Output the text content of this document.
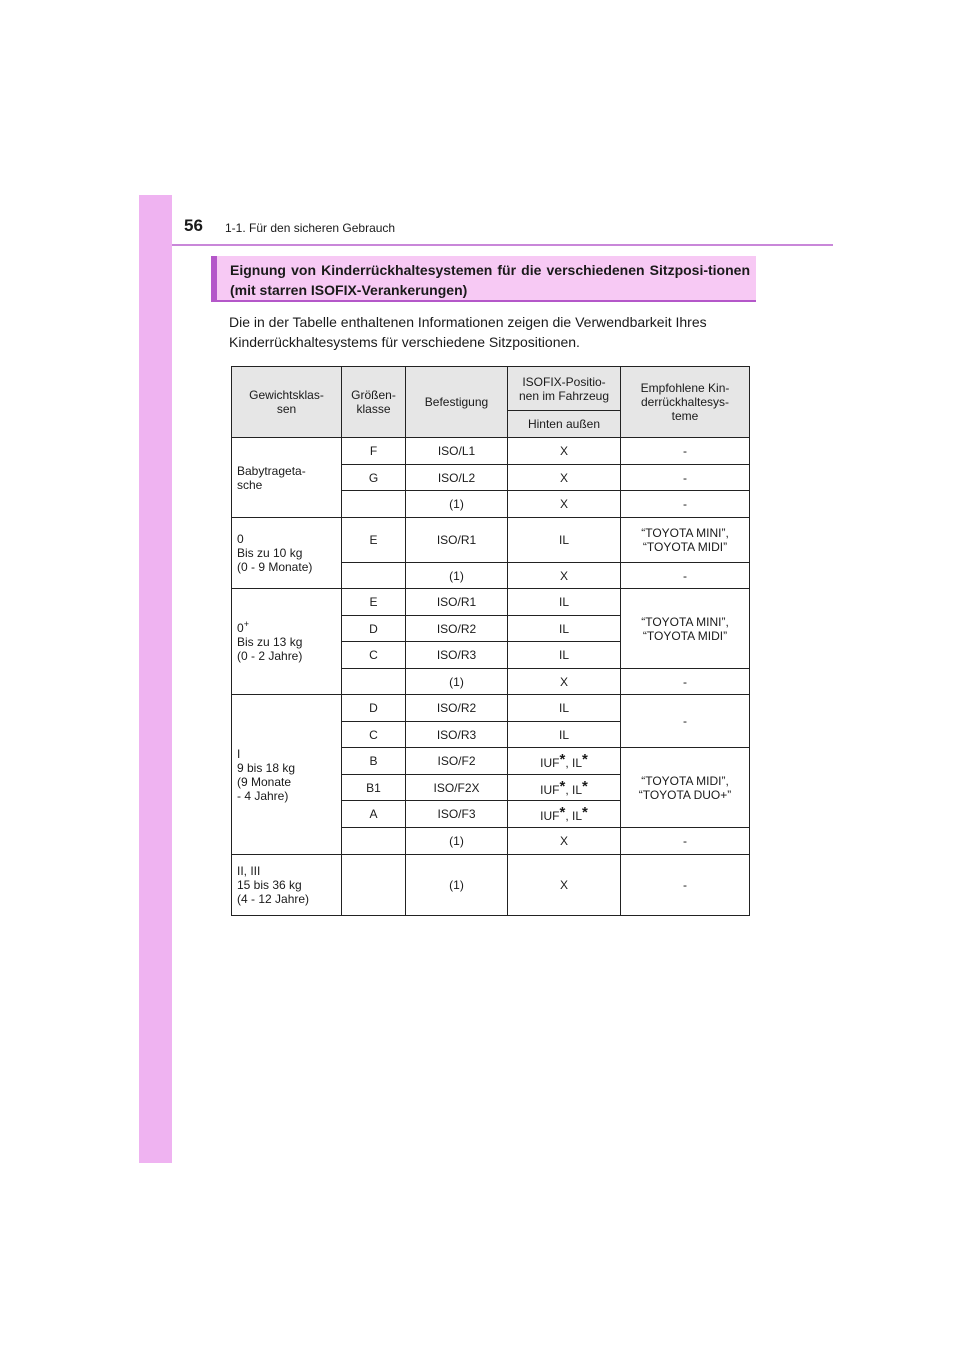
56 1-1. Für den sicheren Gebrauch
Eignung von Kinderrückhaltesystemen für die verschiedenen Sitzposi-tionen (mit starren ISOFIX-Verankerungen)
Die in der Tabelle enthaltenen Informationen zeigen die Verwendbarkeit Ihres Kinderrückhaltesystems für verschiedene Sitzpositionen.
Gewichtsklas-
sen	Größen-
klasse	Befestigung	ISOFIX-Positio-
nen im Fahrzeug	Empfohlene Kin-
derrückhaltesys-
teme

			Hinten außen	

Babytrageta-
sche	F	ISO/L1	X	-
	G	ISO/L2	X	-
		(1)	X	-

0
Bis zu 10 kg
(0 - 9 Monate)	E	ISO/R1	IL	“TOYOTA MINI”,
“TOYOTA MIDI”

		(1)	X	-

0+
Bis zu 13 kg
(0 - 2 Jahre)	E	ISO/R1	IL	“TOYOTA MINI”,
“TOYOTA MIDI”

	D	ISO/R2	IL	
	C	ISO/R3	IL	
		(1)	X	-

I
9 bis 18 kg
(9 Monate
- 4 Jahre)	D	ISO/R2	IL	-
	C	ISO/R3	IL	
	B	ISO/F2	IUF*, IL*	“TOYOTA MIDI”,
“TOYOTA DUO+”

	B1	ISO/F2X	IUF*, IL*	
	A	ISO/F3	IUF*, IL*	
		(1)	X	-

II, III
15 bis 36 kg
(4 - 12 Jahre)		(1)	X	-
